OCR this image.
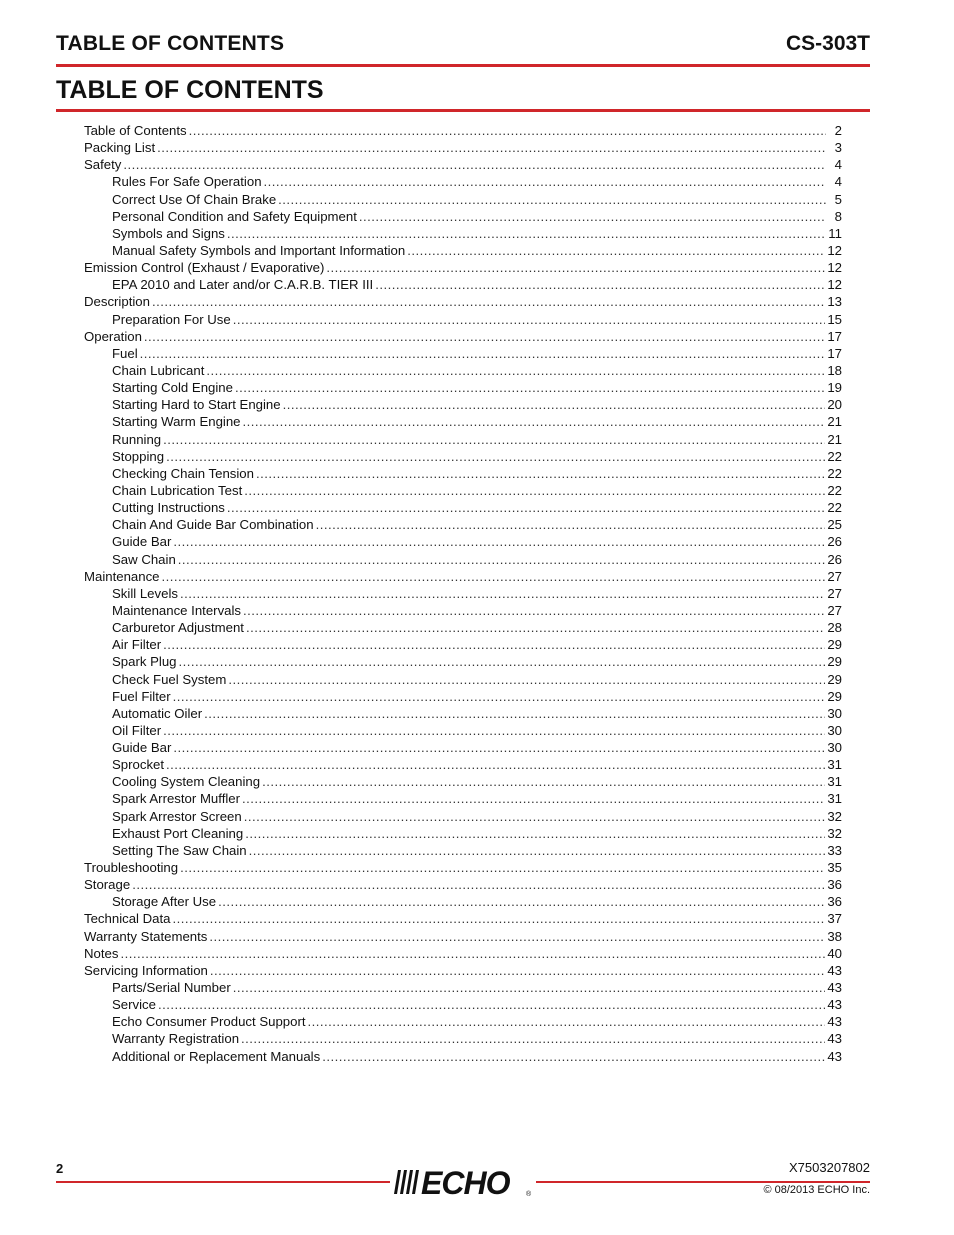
TABLE OF CONTENTS	CS-303T
TABLE OF CONTENTS
Table of Contents . . .	2
Packing List . . .	3
Safety . . .	4
Rules For Safe Operation . . .	4
Correct Use Of Chain Brake . . .	5
Personal Condition and Safety Equipment . . .	8
Symbols and Signs . . .	11
Manual Safety Symbols and Important Information . . .	12
Emission Control (Exhaust / Evaporative) . . .	12
EPA 2010 and Later and/or C.A.R.B. TIER III . . .	12
Description . . .	13
Preparation For Use . . .	15
Operation . . .	17
Fuel . . .	17
Chain Lubricant . . .	18
Starting Cold Engine . . .	19
Starting Hard to Start Engine . . .	20
Starting Warm Engine . . .	21
Running . . .	21
Stopping . . .	22
Checking Chain Tension . . .	22
Chain Lubrication Test . . .	22
Cutting Instructions . . .	22
Chain And Guide Bar Combination . . .	25
Guide Bar . . .	26
Saw Chain . . .	26
Maintenance . . .	27
Skill Levels . . .	27
Maintenance Intervals . . .	27
Carburetor Adjustment . . .	28
Air Filter . . .	29
Spark Plug . . .	29
Check Fuel System . . .	29
Fuel Filter . . .	29
Automatic Oiler . . .	30
Oil Filter . . .	30
Guide Bar . . .	30
Sprocket . . .	31
Cooling System Cleaning . . .	31
Spark Arrestor Muffler . . .	31
Spark Arrestor Screen . . .	32
Exhaust Port Cleaning . . .	32
Setting The Saw Chain . . .	33
Troubleshooting . . .	35
Storage . . .	36
Storage After Use . . .	36
Technical Data . . .	37
Warranty Statements . . .	38
Notes . . .	40
Servicing Information . . .	43
Parts/Serial Number . . .	43
Service . . .	43
Echo Consumer Product Support . . .	43
Warranty Registration . . .	43
Additional or Replacement Manuals . . .	43
2	X7503207802
© 08/2013 ECHO Inc.
ECHO ®
